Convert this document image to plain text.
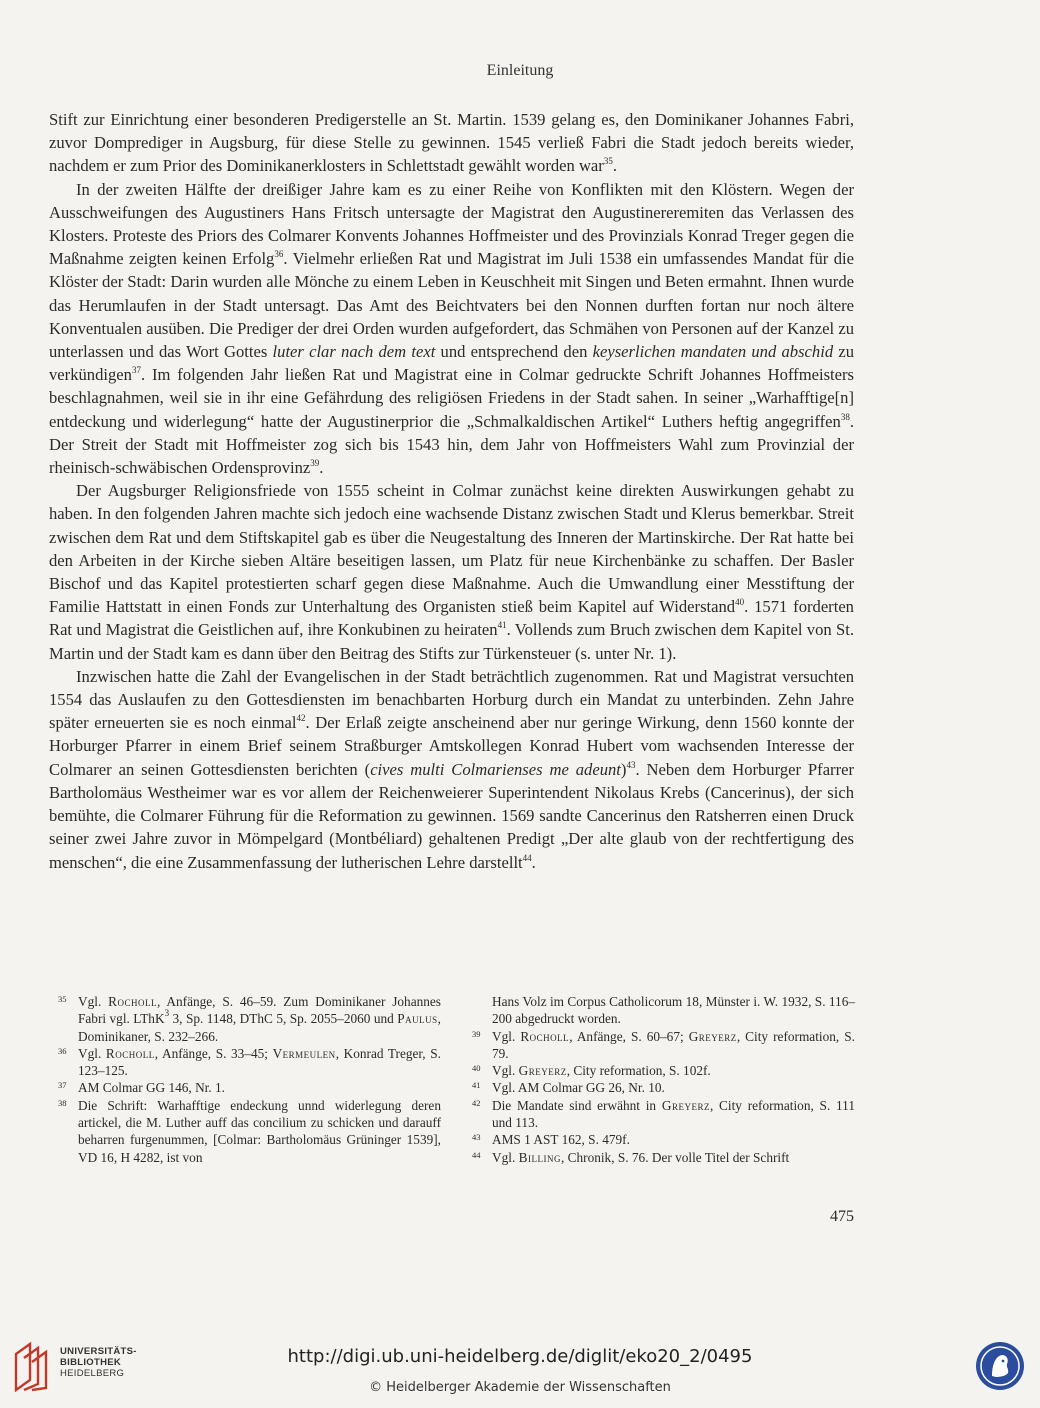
Einleitung

Stift zur Einrichtung einer besonderen Predigerstelle an St. Martin. 1539 gelang es, den Dominikaner Johannes Fabri, zuvor Domprediger in Augsburg, für diese Stelle zu gewinnen. 1545 verließ Fabri die Stadt jedoch bereits wieder, nachdem er zum Prior des Dominikanerklosters in Schlettstadt gewählt worden war$^{35}$.

In der zweiten Hälfte der dreißiger Jahre kam es zu einer Reihe von Konflikten mit den Klöstern. Wegen der Ausschweifungen des Augustiners Hans Fritsch untersagte der Magistrat den Augustinereremiten das Verlassen des Klosters. Proteste des Priors des Colmarer Konvents Johannes Hoffmeister und des Provinzials Konrad Treger gegen die Maßnahme zeigten keinen Erfolg$^{36}$. Vielmehr erließen Rat und Magistrat im Juli 1538 ein umfassendes Mandat für die Klöster der Stadt: Darin wurden alle Mönche zu einem Leben in Keuschheit mit Singen und Beten ermahnt. Ihnen wurde das Herumlaufen in der Stadt untersagt. Das Amt des Beichtvaters bei den Nonnen durften fortan nur noch ältere Konventualen ausüben. Die Prediger der drei Orden wurden aufgefordert, das Schmähen von Personen auf der Kanzel zu unterlassen und das Wort Gottes luter clar nach dem text und entsprechend den keyserlichen mandaten und abschid zu verkündigen$^{37}$. Im folgenden Jahr ließen Rat und Magistrat eine in Colmar gedruckte Schrift Johannes Hoffmeisters beschlagnahmen, weil sie in ihr eine Gefährdung des religiösen Friedens in der Stadt sahen. In seiner „Warhafftige[n] entdeckung und widerlegung“ hatte der Augustinerprior die „Schmalkaldischen Artikel“ Luthers heftig angegriffen$^{38}$. Der Streit der Stadt mit Hoffmeister zog sich bis 1543 hin, dem Jahr von Hoffmeisters Wahl zum Provinzial der rheinisch-schwäbischen Ordensprovinz$^{39}$.

Der Augsburger Religionsfriede von 1555 scheint in Colmar zunächst keine direkten Auswirkungen gehabt zu haben. In den folgenden Jahren machte sich jedoch eine wachsende Distanz zwischen Stadt und Klerus bemerkbar. Streit zwischen dem Rat und dem Stiftskapitel gab es über die Neugestaltung des Inneren der Martinskirche. Der Rat hatte bei den Arbeiten in der Kirche sieben Altäre beseitigen lassen, um Platz für neue Kirchenbänke zu schaffen. Der Basler Bischof und das Kapitel protestierten scharf gegen diese Maßnahme. Auch die Umwandlung einer Messtiftung der Familie Hattstatt in einen Fonds zur Unterhaltung des Organisten stieß beim Kapitel auf Widerstand$^{40}$. 1571 forderten Rat und Magistrat die Geistlichen auf, ihre Konkubinen zu heiraten$^{41}$. Vollends zum Bruch zwischen dem Kapitel von St. Martin und der Stadt kam es dann über den Beitrag des Stifts zur Türkensteuer (s. unter Nr. 1).

Inzwischen hatte die Zahl der Evangelischen in der Stadt beträchtlich zugenommen. Rat und Magistrat versuchten 1554 das Auslaufen zu den Gottesdiensten im benachbarten Horburg durch ein Mandat zu unterbinden. Zehn Jahre später erneuerten sie es noch einmal$^{42}$. Der Erlaß zeigte anscheinend aber nur geringe Wirkung, denn 1560 konnte der Horburger Pfarrer in einem Brief seinem Straßburger Amtskollegen Konrad Hubert vom wachsenden Interesse der Colmarer an seinen Gottesdiensten berichten (cives multi Colmarienses me adeunt)$^{43}$. Neben dem Horburger Pfarrer Bartholomäus Westheimer war es vor allem der Reichenweierer Superintendent Nikolaus Krebs (Cancerinus), der sich bemühte, die Colmarer Führung für die Reformation zu gewinnen. 1569 sandte Cancerinus den Ratsherren einen Druck seiner zwei Jahre zuvor in Mömpelgard (Montbéliard) gehaltenen Predigt „Der alte glaub von der rechtfertigung des menschen“, die eine Zusammenfassung der lutherischen Lehre darstellt$^{44}$.

35 Vgl. Rocholl, Anfänge, S. 46–59. Zum Dominikaner Johannes Fabri vgl. LThK$^3$ 3, Sp. 1148, DThC 5, Sp. 2055–2060 und Paulus, Dominikaner, S. 232–266.
36 Vgl. Rocholl, Anfänge, S. 33–45; Vermeulen, Konrad Treger, S. 123–125.
37 AM Colmar GG 146, Nr. 1.
38 Die Schrift: Warhafftige endeckung unnd widerlegung deren artickel, die M. Luther auff das concilium zu schicken und darauff beharren furgenummen, [Colmar: Bartholomäus Grüninger 1539], VD 16, H 4282, ist von
Hans Volz im Corpus Catholicorum 18, Münster i. W. 1932, S. 116–200 abgedruckt worden.
39 Vgl. Rocholl, Anfänge, S. 60–67; Greyerz, City reformation, S. 79.
40 Vgl. Greyerz, City reformation, S. 102f.
41 Vgl. AM Colmar GG 26, Nr. 10.
42 Die Mandate sind erwähnt in Greyerz, City reformation, S. 111 und 113.
43 AMS 1 AST 162, S. 479f.
44 Vgl. Billing, Chronik, S. 76. Der volle Titel der Schrift
475
UNIVERSITÄTS-
BIBLIOTHEK
HEIDELBERG
http://digi.ub.uni-heidelberg.de/diglit/eko20_2/0495
© Heidelberger Akademie der Wissenschaften
